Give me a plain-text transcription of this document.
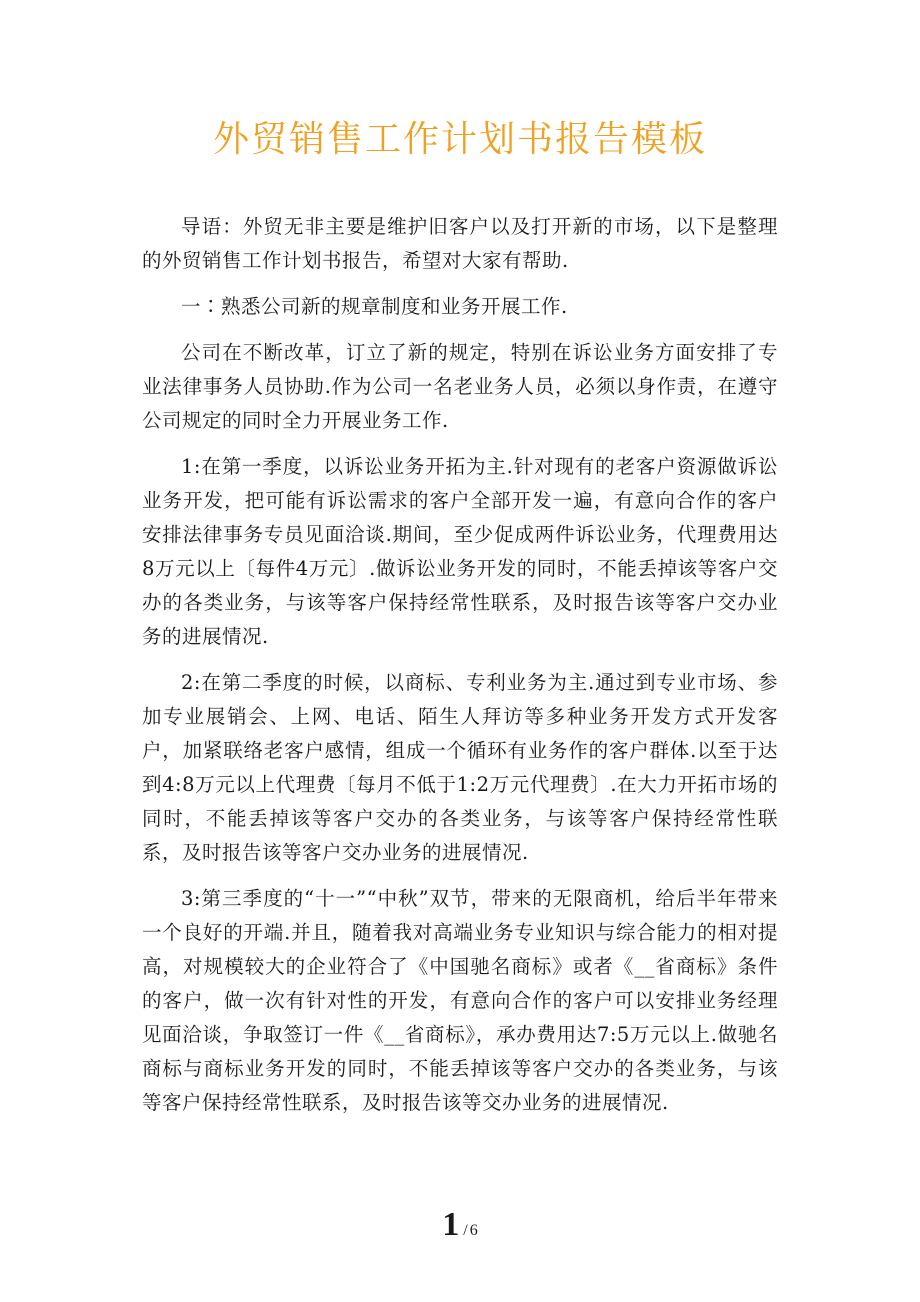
外贸销售工作计划书报告模板

导语：外贸无非主要是维护旧客户以及打开新的市场，以下是整理的外贸销售工作计划书报告，希望对大家有帮助.

一∶熟悉公司新的规章制度和业务开展工作.

公司在不断改革，订立了新的规定，特别在诉讼业务方面安排了专业法律事务人员协助.作为公司一名老业务人员，必须以身作责，在遵守公司规定的同时全力开展业务工作.

1:在第一季度，以诉讼业务开拓为主.针对现有的老客户资源做诉讼业务开发，把可能有诉讼需求的客户全部开发一遍，有意向合作的客户安排法律事务专员见面洽谈.期间，至少促成两件诉讼业务，代理费用达8万元以上〔每件4万元〕.做诉讼业务开发的同时，不能丢掉该等客户交办的各类业务，与该等客户保持经常性联系，及时报告该等客户交办业务的进展情况.

2:在第二季度的时候，以商标、专利业务为主.通过到专业市场、参加专业展销会、上网、电话、陌生人拜访等多种业务开发方式开发客户，加紧联络老客户感情，组成一个循环有业务作的客户群体.以至于达到4:8万元以上代理费〔每月不低于1:2万元代理费〕.在大力开拓市场的同时，不能丢掉该等客户交办的各类业务，与该等客户保持经常性联系，及时报告该等客户交办业务的进展情况.

3:第三季度的“十一”“中秋”双节，带来的无限商机，给后半年带来一个良好的开端.并且，随着我对高端业务专业知识与综合能力的相对提高，对规模较大的企业符合了《中国驰名商标》或者《__省商标》条件的客户，做一次有针对性的开发，有意向合作的客户可以安排业务经理见面洽谈，争取签订一件《__省商标》，承办费用达7:5万元以上.做驰名商标与商标业务开发的同时，不能丢掉该等客户交办的各类业务，与该等客户保持经常性联系，及时报告该等交办业务的进展情况.

1 / 6
